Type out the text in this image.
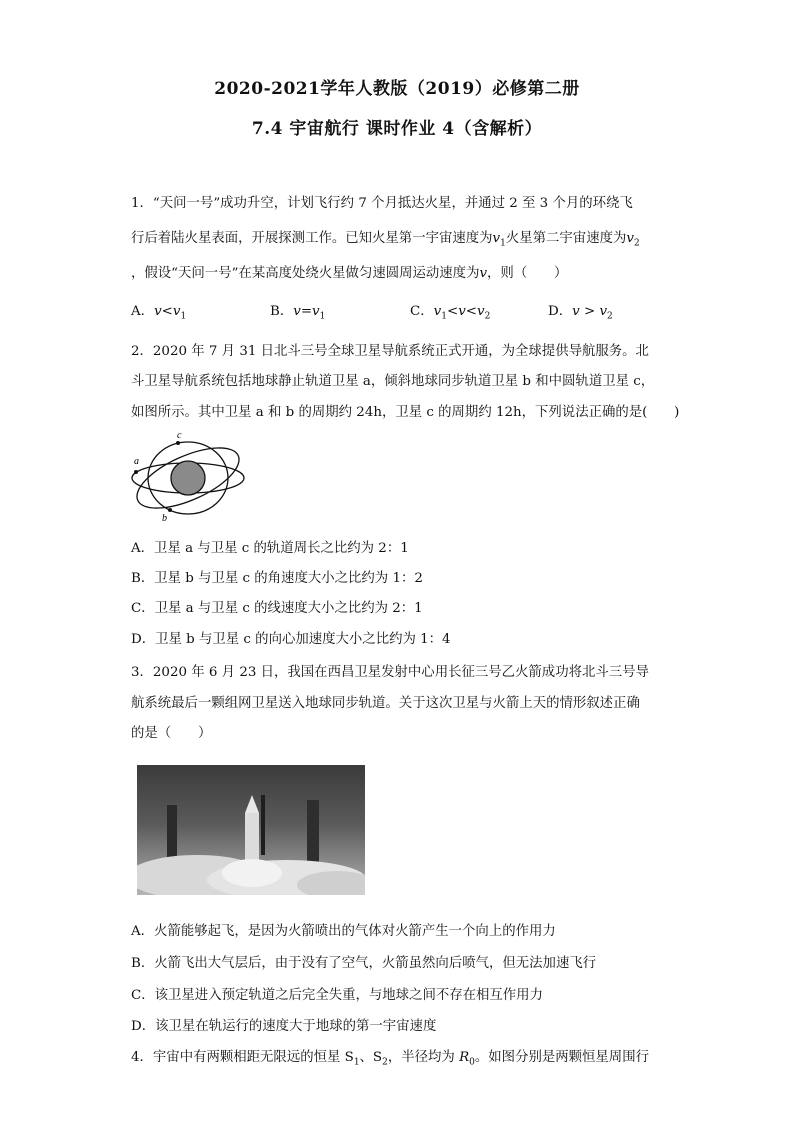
2020-2021学年人教版（2019）必修第二册
7.4 宇宙航行 课时作业 4（含解析）
1．“天问一号”成功升空，计划飞行约 7 个月抵达火星，并通过 2 至 3 个月的环绕飞
行后着陆火星表面，开展探测工作。已知火星第一宇宙速度为$v_1$火星第二宇宙速度为$v_2$
，假设“天问一号”在某高度处绕火星做匀速圆周运动速度为v，则（　　）
A．$v<v_1$	B．$v=v_1$	C．$v_1<v<v_2$	D．$v > v_2$
2．2020 年 7 月 31 日北斗三号全球卫星导航系统正式开通，为全球提供导航服务。北
斗卫星导航系统包括地球静止轨道卫星 a，倾斜地球同步轨道卫星 b 和中圆轨道卫星 c，
如图所示。其中卫星 a 和 b 的周期约 24h，卫星 c 的周期约 12h，下列说法正确的是(　　)
a
c
b
A．卫星 a 与卫星 c 的轨道周长之比约为 2：1
B．卫星 b 与卫星 c 的角速度大小之比约为 1：2
C．卫星 a 与卫星 c 的线速度大小之比约为 2：1
D．卫星 b 与卫星 c 的向心加速度大小之比约为 1：4
3．2020 年 6 月 23 日，我国在西昌卫星发射中心用长征三号乙火箭成功将北斗三号导
航系统最后一颗组网卫星送入地球同步轨道。关于这次卫星与火箭上天的情形叙述正确
的是（　　）
A．火箭能够起飞，是因为火箭喷出的气体对火箭产生一个向上的作用力
B．火箭飞出大气层后，由于没有了空气，火箭虽然向后喷气，但无法加速飞行
C．该卫星进入预定轨道之后完全失重，与地球之间不存在相互作用力
D．该卫星在轨运行的速度大于地球的第一宇宙速度
4．宇宙中有两颗相距无限远的恒星 $S_1$、$S_2$，半径均为 $R_0$。如图分别是两颗恒星周围行
